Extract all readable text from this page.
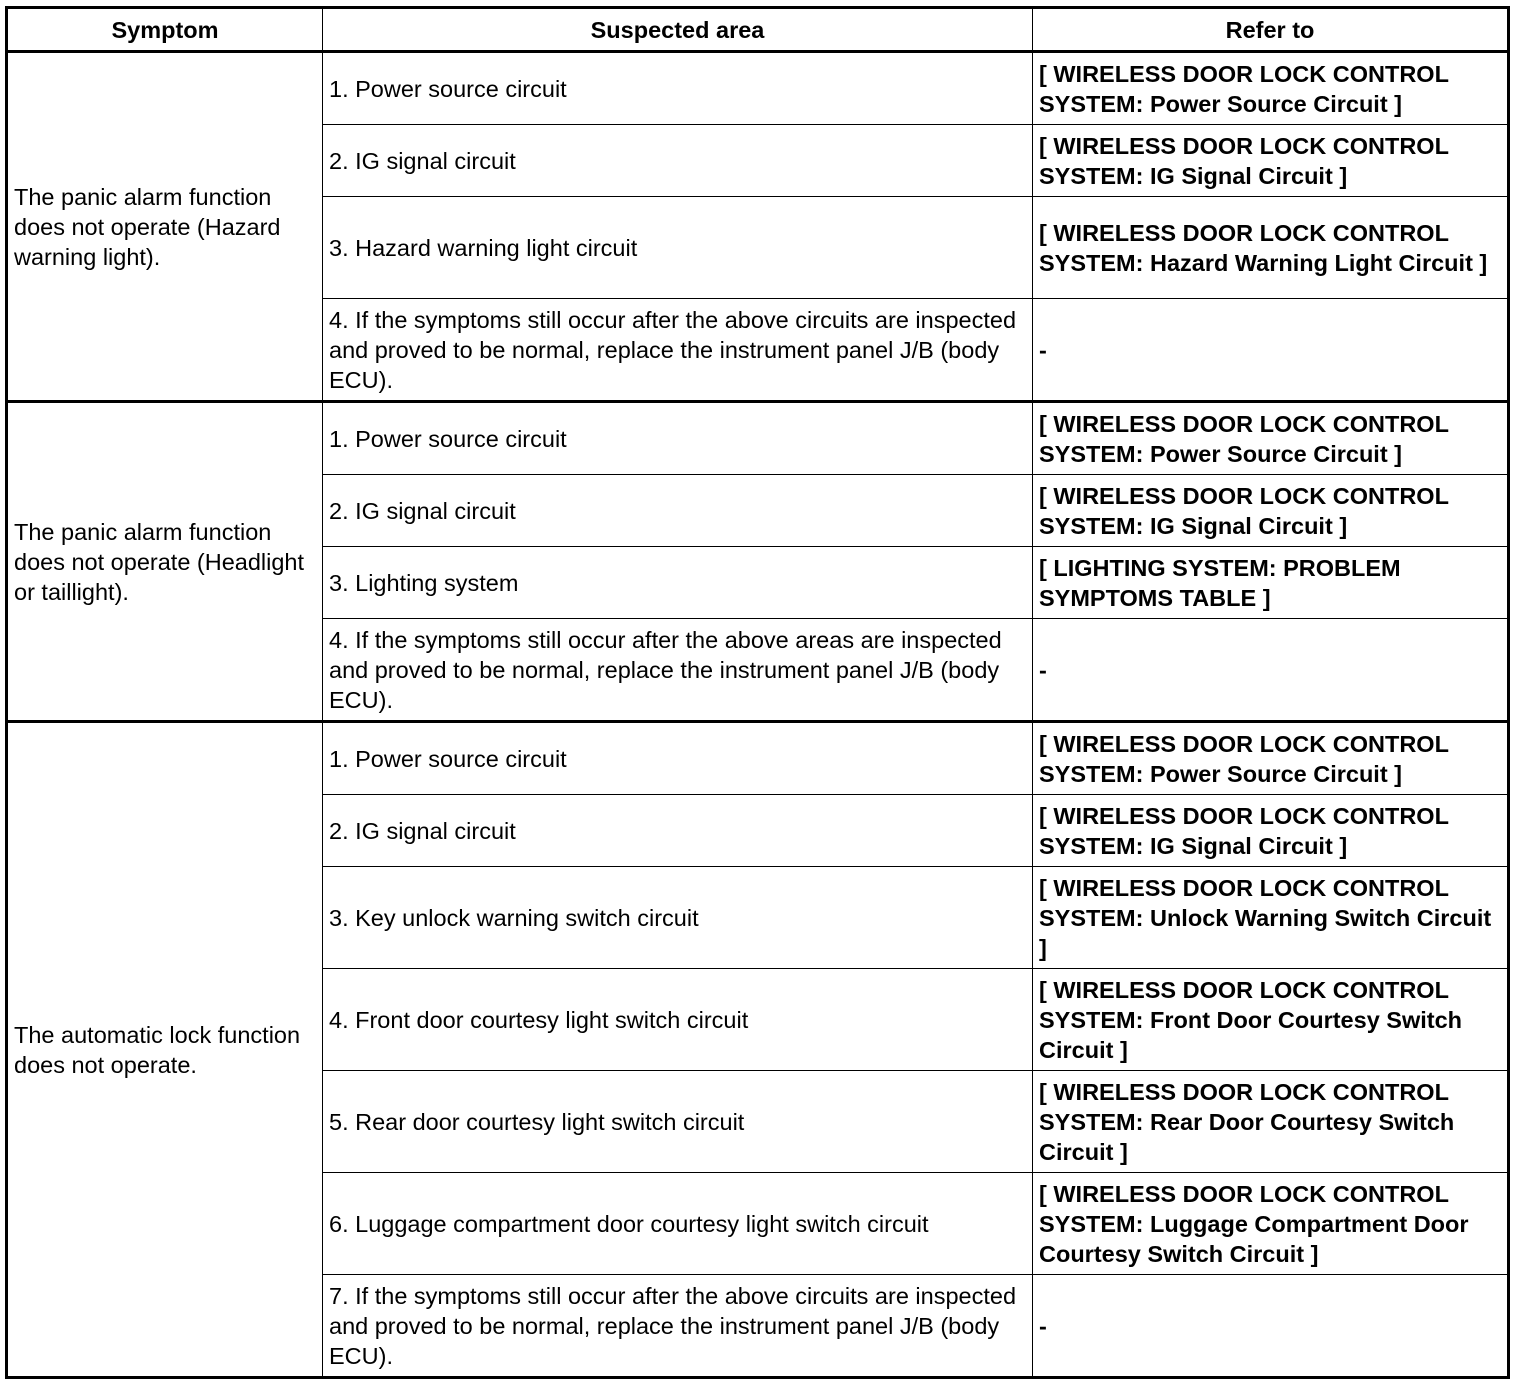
Symptom	Suspected area	Refer to
The panic alarm function does not operate (Hazard warning light).	1. Power source circuit	[ WIRELESS DOOR LOCK CONTROL SYSTEM: Power Source Circuit ]
	2. IG signal circuit	[ WIRELESS DOOR LOCK CONTROL SYSTEM: IG Signal Circuit ]
	3. Hazard warning light circuit	[ WIRELESS DOOR LOCK CONTROL SYSTEM: Hazard Warning Light Circuit ]
	4. If the symptoms still occur after the above circuits are inspected and proved to be normal, replace the instrument panel J/B (body ECU).	-
The panic alarm function does not operate (Headlight or taillight).	1. Power source circuit	[ WIRELESS DOOR LOCK CONTROL SYSTEM: Power Source Circuit ]
	2. IG signal circuit	[ WIRELESS DOOR LOCK CONTROL SYSTEM: IG Signal Circuit ]
	3. Lighting system	[ LIGHTING SYSTEM: PROBLEM SYMPTOMS TABLE ]
	4. If the symptoms still occur after the above areas are inspected and proved to be normal, replace the instrument panel J/B (body ECU).	-
The automatic lock function does not operate.	1. Power source circuit	[ WIRELESS DOOR LOCK CONTROL SYSTEM: Power Source Circuit ]
	2. IG signal circuit	[ WIRELESS DOOR LOCK CONTROL SYSTEM: IG Signal Circuit ]
	3. Key unlock warning switch circuit	[ WIRELESS DOOR LOCK CONTROL SYSTEM: Unlock Warning Switch Circuit ]
	4. Front door courtesy light switch circuit	[ WIRELESS DOOR LOCK CONTROL SYSTEM: Front Door Courtesy Switch Circuit ]
	5. Rear door courtesy light switch circuit	[ WIRELESS DOOR LOCK CONTROL SYSTEM: Rear Door Courtesy Switch Circuit ]
	6. Luggage compartment door courtesy light switch circuit	[ WIRELESS DOOR LOCK CONTROL SYSTEM: Luggage Compartment Door Courtesy Switch Circuit ]
	7. If the symptoms still occur after the above circuits are inspected and proved to be normal, replace the instrument panel J/B (body ECU).	-
